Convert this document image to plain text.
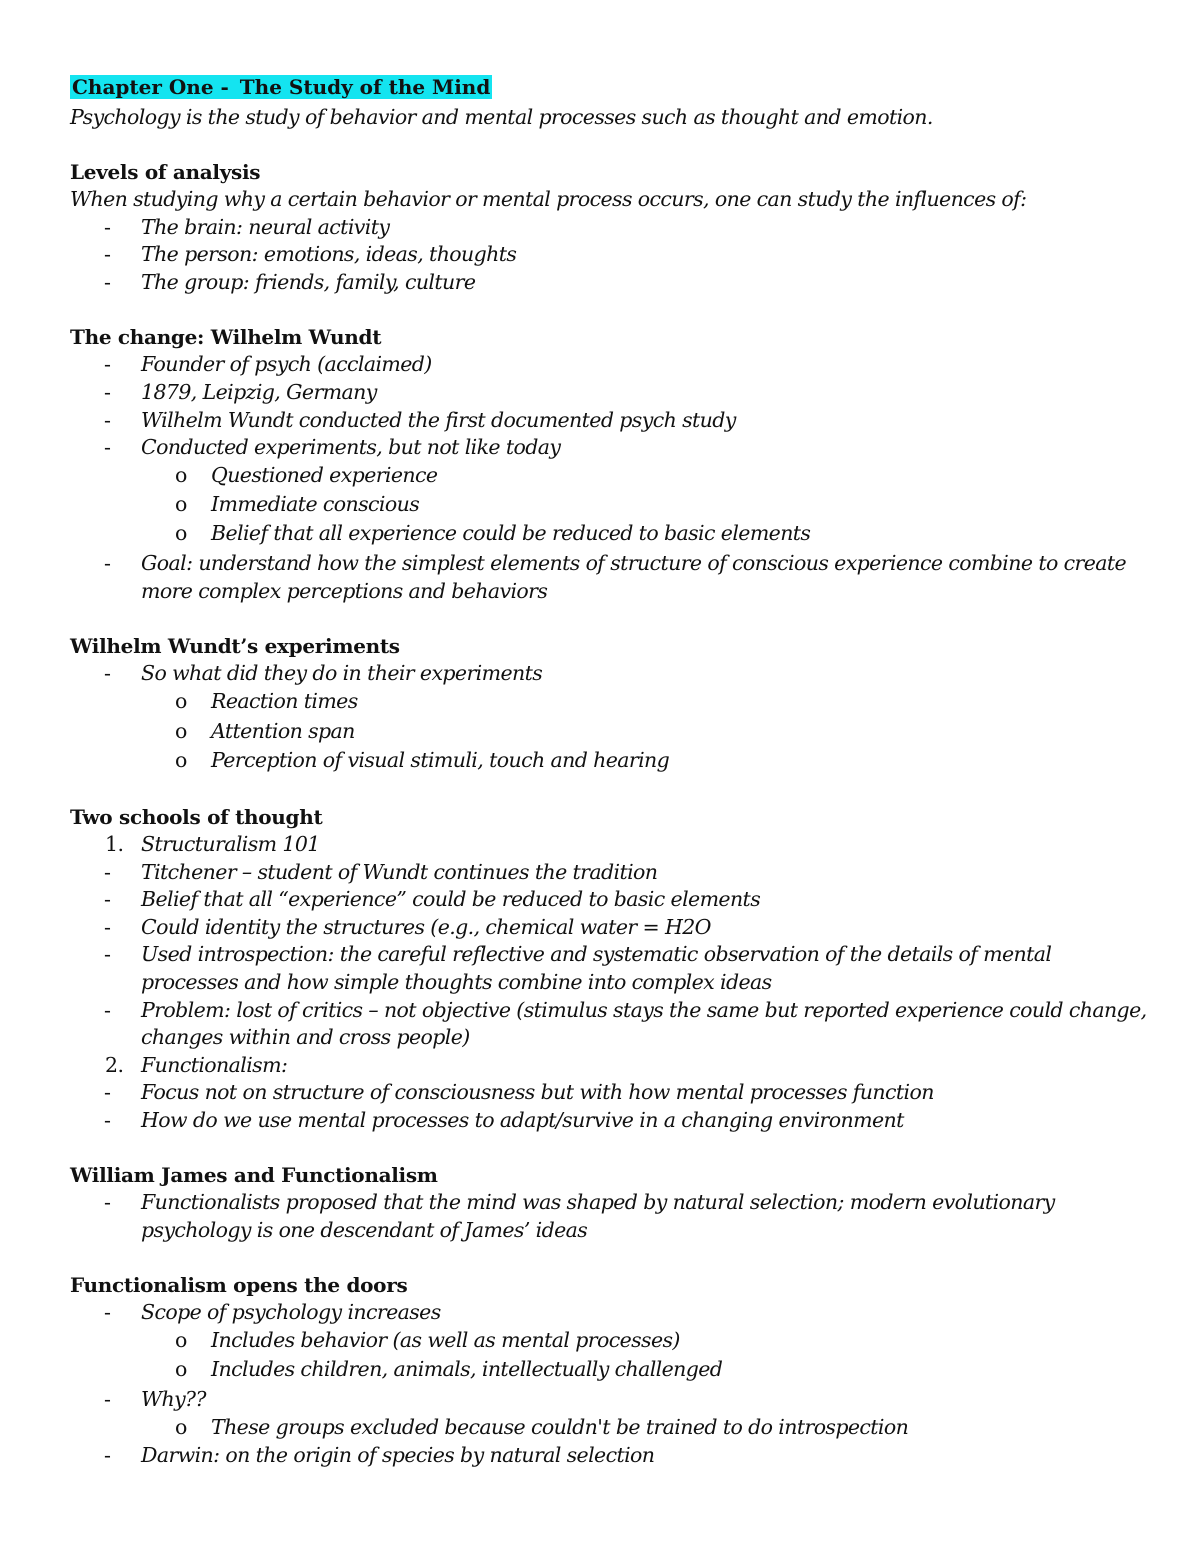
Chapter One - The Study of the Mind
Psychology is the study of behavior and mental processes such as thought and emotion.
Levels of analysis
When studying why a certain behavior or mental process occurs, one can study the influences of:
- The brain: neural activity
- The person: emotions, ideas, thoughts
- The group: friends, family, culture
The change: Wilhelm Wundt
- Founder of psych (acclaimed)
- 1879, Leipzig, Germany
- Wilhelm Wundt conducted the first documented psych study
- Conducted experiments, but not like today
o Questioned experience
o Immediate conscious
o Belief that all experience could be reduced to basic elements
- Goal: understand how the simplest elements of structure of conscious experience combine to create
more complex perceptions and behaviors
Wilhelm Wundt’s experiments
- So what did they do in their experiments
o Reaction times
o Attention span
o Perception of visual stimuli, touch and hearing
Two schools of thought
1. Structuralism 101
- Titchener – student of Wundt continues the tradition
- Belief that all “experience” could be reduced to basic elements
- Could identity the structures (e.g., chemical water = H2O
- Used introspection: the careful reflective and systematic observation of the details of mental
processes and how simple thoughts combine into complex ideas
- Problem: lost of critics – not objective (stimulus stays the same but reported experience could change,
changes within and cross people)
2. Functionalism:
- Focus not on structure of consciousness but with how mental processes function
- How do we use mental processes to adapt/survive in a changing environment
William James and Functionalism
- Functionalists proposed that the mind was shaped by natural selection; modern evolutionary
psychology is one descendant of James’ ideas
Functionalism opens the doors
- Scope of psychology increases
o Includes behavior (as well as mental processes)
o Includes children, animals, intellectually challenged
- Why??
o These groups excluded because couldn't be trained to do introspection
- Darwin: on the origin of species by natural selection
